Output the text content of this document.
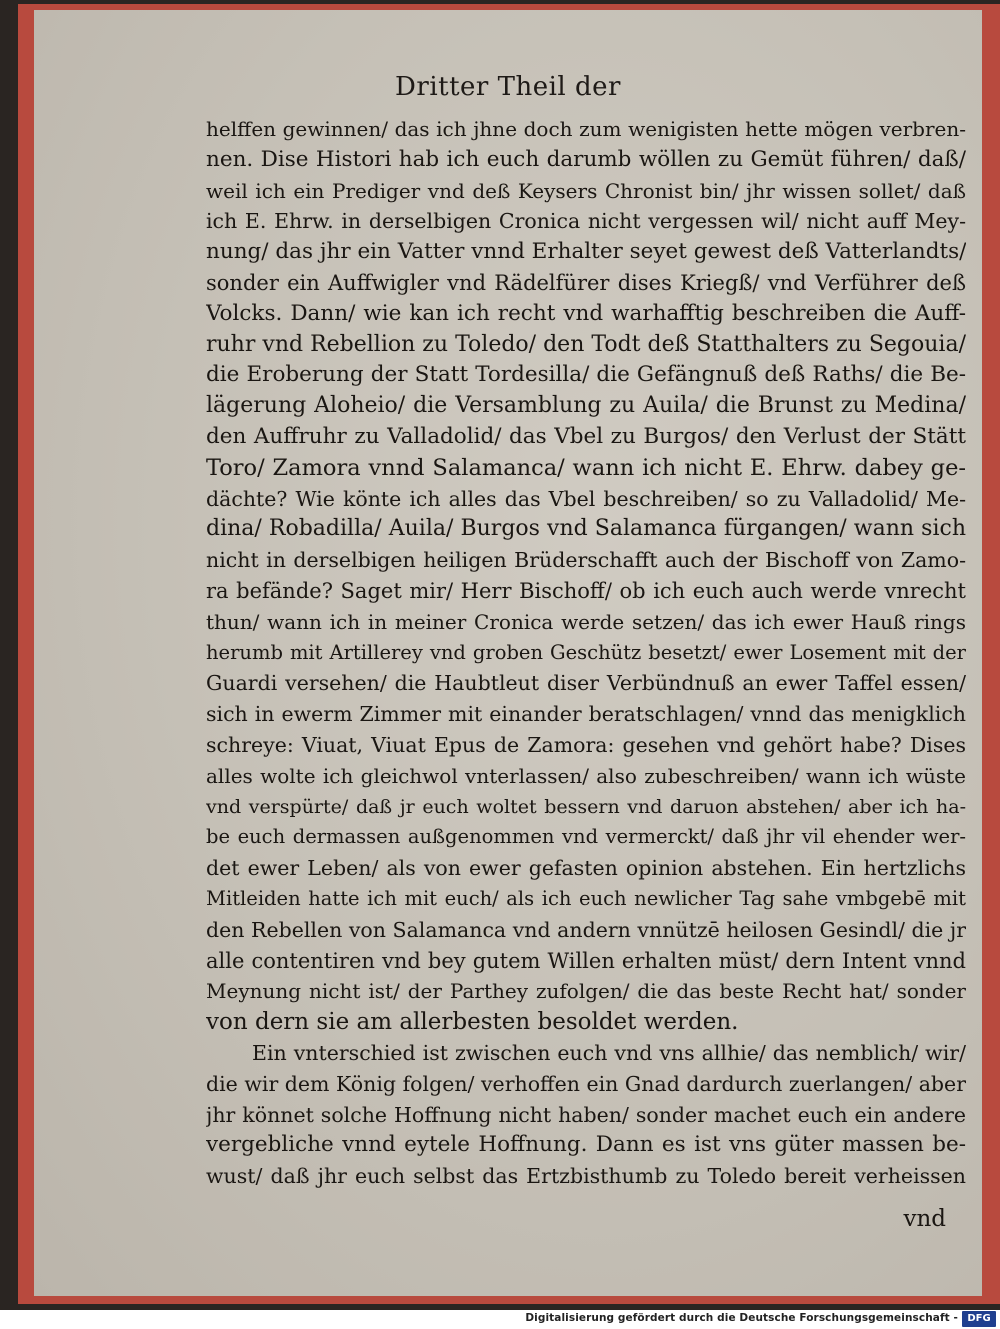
Dritter Theil der
helffen gewinnen/ das ich jhne doch zum wenigisten hette mögen verbren-
nen. Dise Histori hab ich euch darumb wöllen zu Gemüt führen/ daß/
weil ich ein Prediger vnd deß Keysers Chronist bin/ jhr wissen sollet/ daß
ich E. Ehrw. in derselbigen Cronica nicht vergessen wil/ nicht auff Mey-
nung/ das jhr ein Vatter vnnd Erhalter seyet gewest deß Vatterlandts/
sonder ein Auffwigler vnd Rädelfürer dises Kriegß/ vnd Verführer deß
Volcks. Dann/ wie kan ich recht vnd warhafftig beschreiben die Auff-
ruhr vnd Rebellion zu Toledo/ den Todt deß Statthalters zu Segouia/
die Eroberung der Statt Tordesilla/ die Gefängnuß deß Raths/ die Be-
lägerung Aloheio/ die Versamblung zu Auila/ die Brunst zu Medina/
den Auffruhr zu Valladolid/ das Vbel zu Burgos/ den Verlust der Stätt
Toro/ Zamora vnnd Salamanca/ wann ich nicht E. Ehrw. dabey ge-
dächte? Wie könte ich alles das Vbel beschreiben/ so zu Valladolid/ Me-
dina/ Robadilla/ Auila/ Burgos vnd Salamanca fürgangen/ wann sich
nicht in derselbigen heiligen Brüderschafft auch der Bischoff von Zamo-
ra befände? Saget mir/ Herr Bischoff/ ob ich euch auch werde vnrecht
thun/ wann ich in meiner Cronica werde setzen/ das ich ewer Hauß rings
herumb mit Artillerey vnd groben Geschütz besetzt/ ewer Losement mit der
Guardi versehen/ die Haubtleut diser Verbündnuß an ewer Taffel essen/
sich in ewerm Zimmer mit einander beratschlagen/ vnnd das menigklich
schreye: Viuat, Viuat Epus de Zamora: gesehen vnd gehört habe? Dises
alles wolte ich gleichwol vnterlassen/ also zubeschreiben/ wann ich wüste
vnd verspürte/ daß jr euch woltet bessern vnd daruon abstehen/ aber ich ha-
be euch dermassen außgenommen vnd vermerckt/ daß jhr vil ehender wer-
det ewer Leben/ als von ewer gefasten opinion abstehen. Ein hertzlichs
Mitleiden hatte ich mit euch/ als ich euch newlicher Tag sahe vmbgebē mit
den Rebellen von Salamanca vnd andern vnnützē heilosen Gesindl/ die jr
alle contentiren vnd bey gutem Willen erhalten müst/ dern Intent vnnd
Meynung nicht ist/ der Parthey zufolgen/ die das beste Recht hat/ sonder
von dern sie am allerbesten besoldet werden.
Ein vnterschied ist zwischen euch vnd vns allhie/ das nemblich/ wir/
die wir dem König folgen/ verhoffen ein Gnad dardurch zuerlangen/ aber
jhr könnet solche Hoffnung nicht haben/ sonder machet euch ein andere
vergebliche vnnd eytele Hoffnung. Dann es ist vns güter massen be-
wust/ daß jhr euch selbst das Ertzbisthumb zu Toledo bereit verheissen
vnd
Digitalisierung gefördert durch die Deutsche Forschungsgemeinschaft - DFG
